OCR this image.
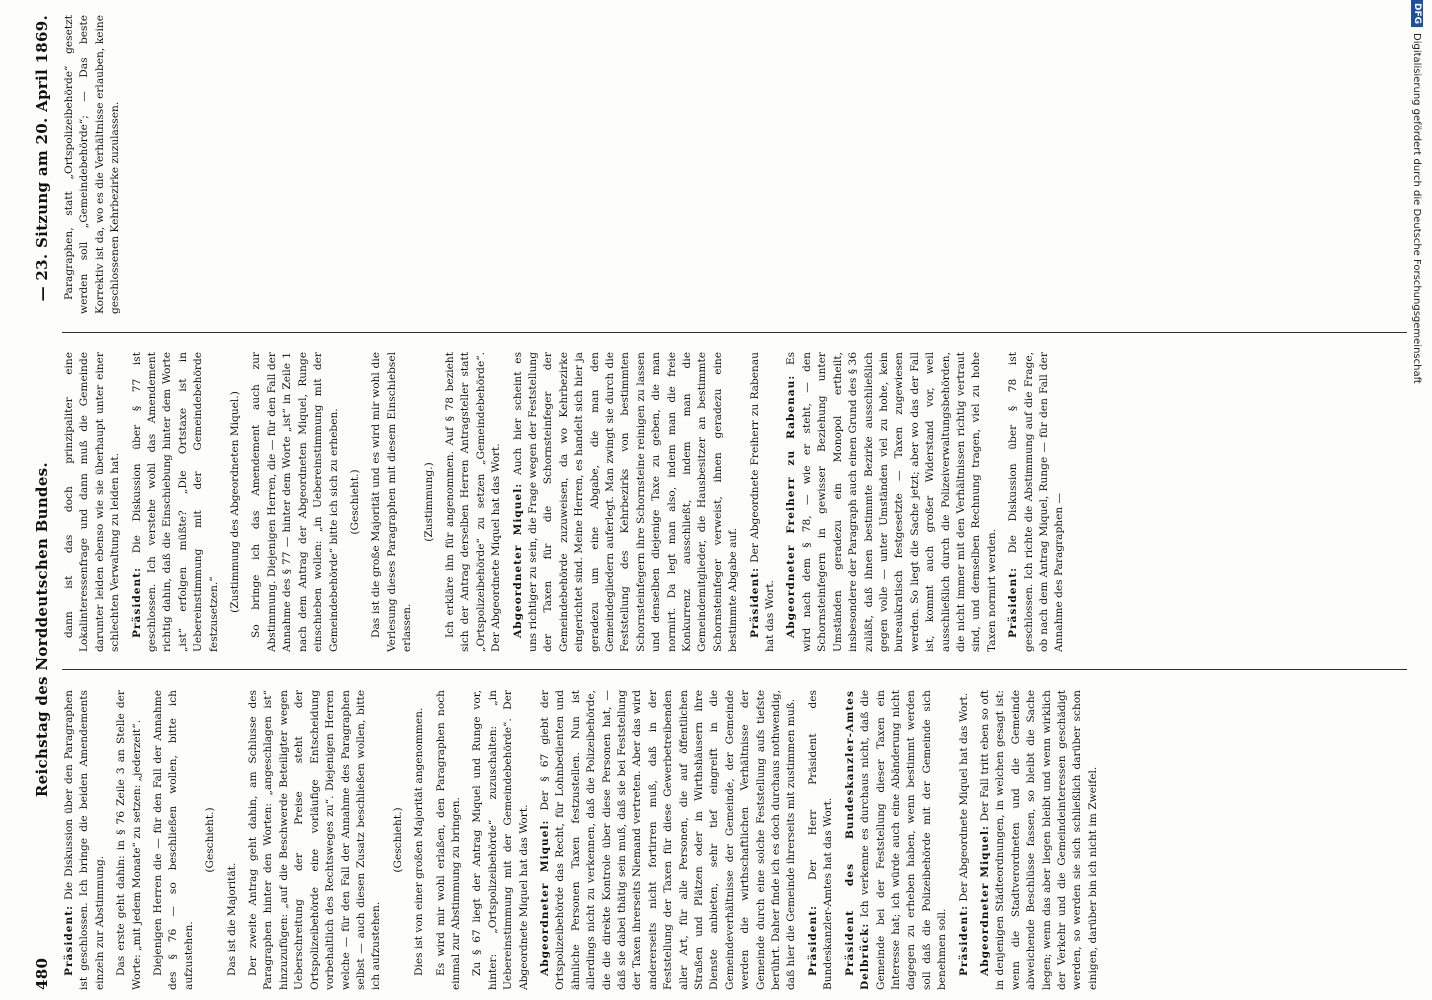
480
Reichstag des Norddeutschen Bundes.
— 23. Sitzung am 20. April 1869.

Präsident: Die Diskussion über den Paragraphen ist geschlossen. Ich bringe die beiden Amendements einzeln zur Abstimmung. Das erste geht dahin: in § 76 Zeile 3 an Stelle der Worte: „mit jedem Monate“ zu setzen: „jederzeit“. Diejenigen Herren die — für den Fall der Annahme des § 76 — so beschließen wollen, bitte ich aufzustehen.

(Geschieht.)

Das ist die Majorität. Der zweite Antrag geht dahin, am Schlusse des Paragraphen hinter den Worten: „angeschlagen ist“ hinzuzufügen: „auf die Beschwerde Beteiligter wegen Ueberschreitung der Preise steht der Ortspolizeibehörde eine vorläufige Entscheidung vorbehaltlich des Rechtsweges zu“. Diejenigen Herren welche — für den Fall der Annahme des Paragraphen selbst — auch diesen Zusatz beschließen wollen, bitte ich aufzustehen.

(Geschieht.) Dies ist von einer großen Majorität angenommen. Es wird mir wohl erlaßen, den Paragraphen noch einmal zur Abstimmung zu bringen. Zu § 67 liegt der Antrag Miquel und Runge vor, hinter: „Ortspolizeibehörde“ zuzuschalten: „in Uebereinstimmung mit der Gemeindebehörde“. Der Abgeordnete Miquel hat das Wort. Abgeordneter Miquel: Der § 67 giebt der Ortspolizeibehörde das Recht, für Lohnbedienten und ähnliche Personen Taxen festzustellen. Nun ist allerdings nicht zu verkennen, daß die Polizeibehörde, die die direkte Kontrole über diese Personen hat, — daß sie dabei thätig sein muß, daß sie bei Feststellung der Taxen ihrerseits Niemand vertreten. Aber das wird andererseits nicht fortirren muß, daß in der Feststellung der Taxen für diese Gewerbetreibenden aller Art, für alle Personen, die auf öffentlichen Straßen und Plätzen oder in Wirthshäusern ihre Dienste anbieten, sehr tief eingreift in die Gemeindeverhältnisse der Gemeinde, der Gemeinde werden die wirthschaftlichen Verhältnisse der Gemeinde durch eine solche Feststellung aufs tiefste berührt. Daher finde ich es doch durchaus nothwendig, daß hier die Gemeinde ihrerseits mit zustimmen muß. Präsident: Der Herr Präsident des Bundeskanzler-Amtes hat das Wort. Präsident des Bundeskanzler-Amtes Delbrück: Ich verkenne es durchaus nicht, daß die Gemeinde bei der Feststellung dieser Taxen ein Interesse hat; ich würde auch eine Abänderung nicht dagegen zu erheben haben, wenn bestimmt werden soll daß die Polizeibehörde mit der Gemeinde sich benehmen soll. Präsident: Der Abgeordnete Miquel hat das Wort. Abgeordneter Miquel: Der Fall tritt eben so oft in denjenigen Städteordnungen, in welchen gesagt ist: wenn die Stadtverordneten und die Gemeinde abweichende Beschlüsse fassen, so bleibt die Sache liegen; wenn das aber liegen bleibt und wenn wirklich der Verkehr und die Gemeindeinteressen geschädigt werden, so werden sie sich schließlich darüber schon einigen, darüber bin ich nicht im Zweifel.

dann ist das doch prinzipaliter eine Lokalinteressenfrage und dann muß die Gemeinde darunter leiden ebenso wie sie überhaupt unter einer schlechten Verwaltung zu leiden hat. Präsident: Die Diskussion über § 77 ist geschlossen. Ich verstehe wohl das Amendement richtig dahin, daß die Einschiebung hinter dem Worte „ist“ erfolgen müßte? „Die Ortstaxe ist in Uebereinstimmung mit der Gemeindebehörde festzusetzen.“

(Zustimmung des Abgeordneten Miquel.) So bringe ich das Amendement auch zur Abstimmung. Diejenigen Herren, die — für den Fall der Annahme des § 77 — hinter dem Worte „ist“ in Zeile 1 nach dem Antrag der Abgeordneten Miquel, Runge einschieben wollen: „in Uebereinstimmung mit der Gemeindebehörde“ bitte ich sich zu erheben. (Geschieht.) Das ist die große Majorität und es wird mir wohl die Verlesung dieses Paragraphen mit diesem Einschiebsel erlassen.

(Zustimmung.) Ich erkläre ihn für angenommen. Auf § 78 bezieht sich der Antrag derselben Herren Antragsteller statt „Ortspolizeibehörde“ zu setzen „Gemeindebehörde“. Der Abgeordnete Miquel hat das Wort. Abgeordneter Miquel: Auch hier scheint es uns richtiger zu sein, die Frage wegen der Feststellung der Taxen für die Schornsteinfeger der Gemeindebehörde zuzuweisen, da wo Kehrbezirke eingerichtet sind. Meine Herren, es handelt sich hier ja geradezu um eine Abgabe, die man den Gemeindegliedern auferlegt. Man zwingt sie durch die Feststellung des Kehrbezirks von bestimmten Schornsteinfegern ihre Schornsteine reinigen zu lassen und denselben diejenige Taxe zu geben, die man normirt. Da legt man also, indem man die freie Konkurrenz ausschließt, indem man die Gemeindemitglieder, die Hausbesitzer an bestimmte Schornsteinfeger verweist, ihnen geradezu eine bestimmte Abgabe auf. Präsident: Der Abgeordnete Freiherr zu Rabenau hat das Wort. Abgeordneter Freiherr zu Rabenau: Es wird nach dem § 78, — wie er steht, — den Schornsteinfegern in gewisser Beziehung unter Umständen geradezu ein Monopol ertheilt, insbesondere der Paragraph auch einen Grund des § 36 zuläßt, daß ihnen bestimmte Bezirke ausschließlich gegen volle — unter Umständen viel zu hohe, kein bureaukratisch festgesetzte — Taxen zugewiesen werden. So liegt die Sache jetzt; aber wo das der Fall ist, kommt auch großer Widerstand vor, weil ausschließlich durch die Polizeiverwaltungsbehörden, die nicht immer mit den Verhältnissen richtig vertraut sind, und demselben Rechnung tragen, viel zu hohe Taxen normirt werden. Präsident: Die Diskussion über § 78 ist geschlossen. Ich richte die Abstimmung auf die Frage, ob nach dem Antrag Miquel, Runge — für den Fall der Annahme des Paragraphen —

Paragraphen, statt „Ortspolizeibehörde“ gesetzt werden soll „Gemeindebehörde“; — Das beste Korrektiv ist da, wo es die Verhältnisse erlauben, keine geschlossenen Kehrbezirke zuzulassen.

DFG
Digitalisierung gefördert durch die Deutsche Forschungsgemeinschaft
